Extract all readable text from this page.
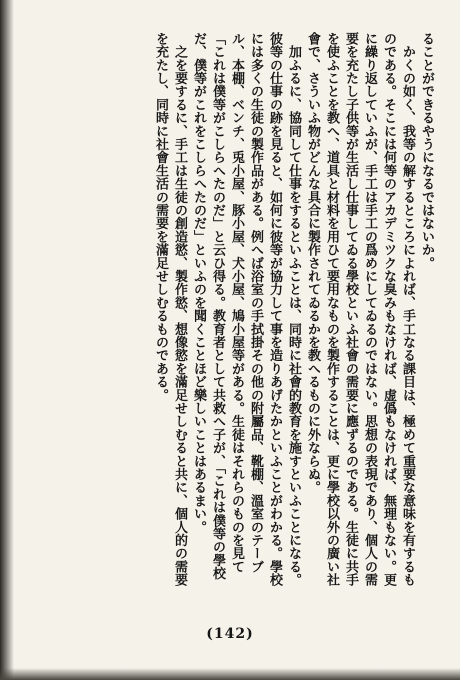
ることができるやうになるではないか。
　かくの如く、我等の解するところによれば、手工なる課目は、極めて重要な意味を有するものである。そこには何等のアカデミツクな臭みもなければ、虚僞もなければ、無理もない。更に繰り返していふが、手工は手工の爲めにしてゐるのではない。思想の表現であり、個人の需要を充たし子供等が生活し仕事してゐる學校といふ社會の需要に應ずるのである。生徒に共手を使ふことを教へ、道具と材料を用ひて要用なものを製作することは、更に學校以外の廣い社會で、さういふ物がどんな具合に製作されてゐるかを教へるものに外ならぬ。
　加ふるに、協同して仕事をするといふことは、同時に社會的教育を施すといふことになる。彼等の仕事の跡を見ると、如何に彼等が協力して事を造りあげたかといふことがわかる。學校には多くの生徒の製作品がある。例へば浴室の手拭掛その他の附屬品、靴棚、溫室のテーブル、本棚、ベンチ、兎小屋、豚小屋、犬小屋、鳩小屋等がある。生徒はそれらのものを見て「これは僕等がこしらへたのだ」と云ひ得る。教育者として共救へ子が、「これは僕等の學校だ、僕等がこれをこしらへたのだ」といふのを聞くことほど樂しいことはあるまい。
　之を要するに、手工は生徒の創造慾、製作慾、想像慾を滿足せしむると共に、個人的の需要を充たし、同時に社會生活の需要を滿足せしむるものである。
(142)
